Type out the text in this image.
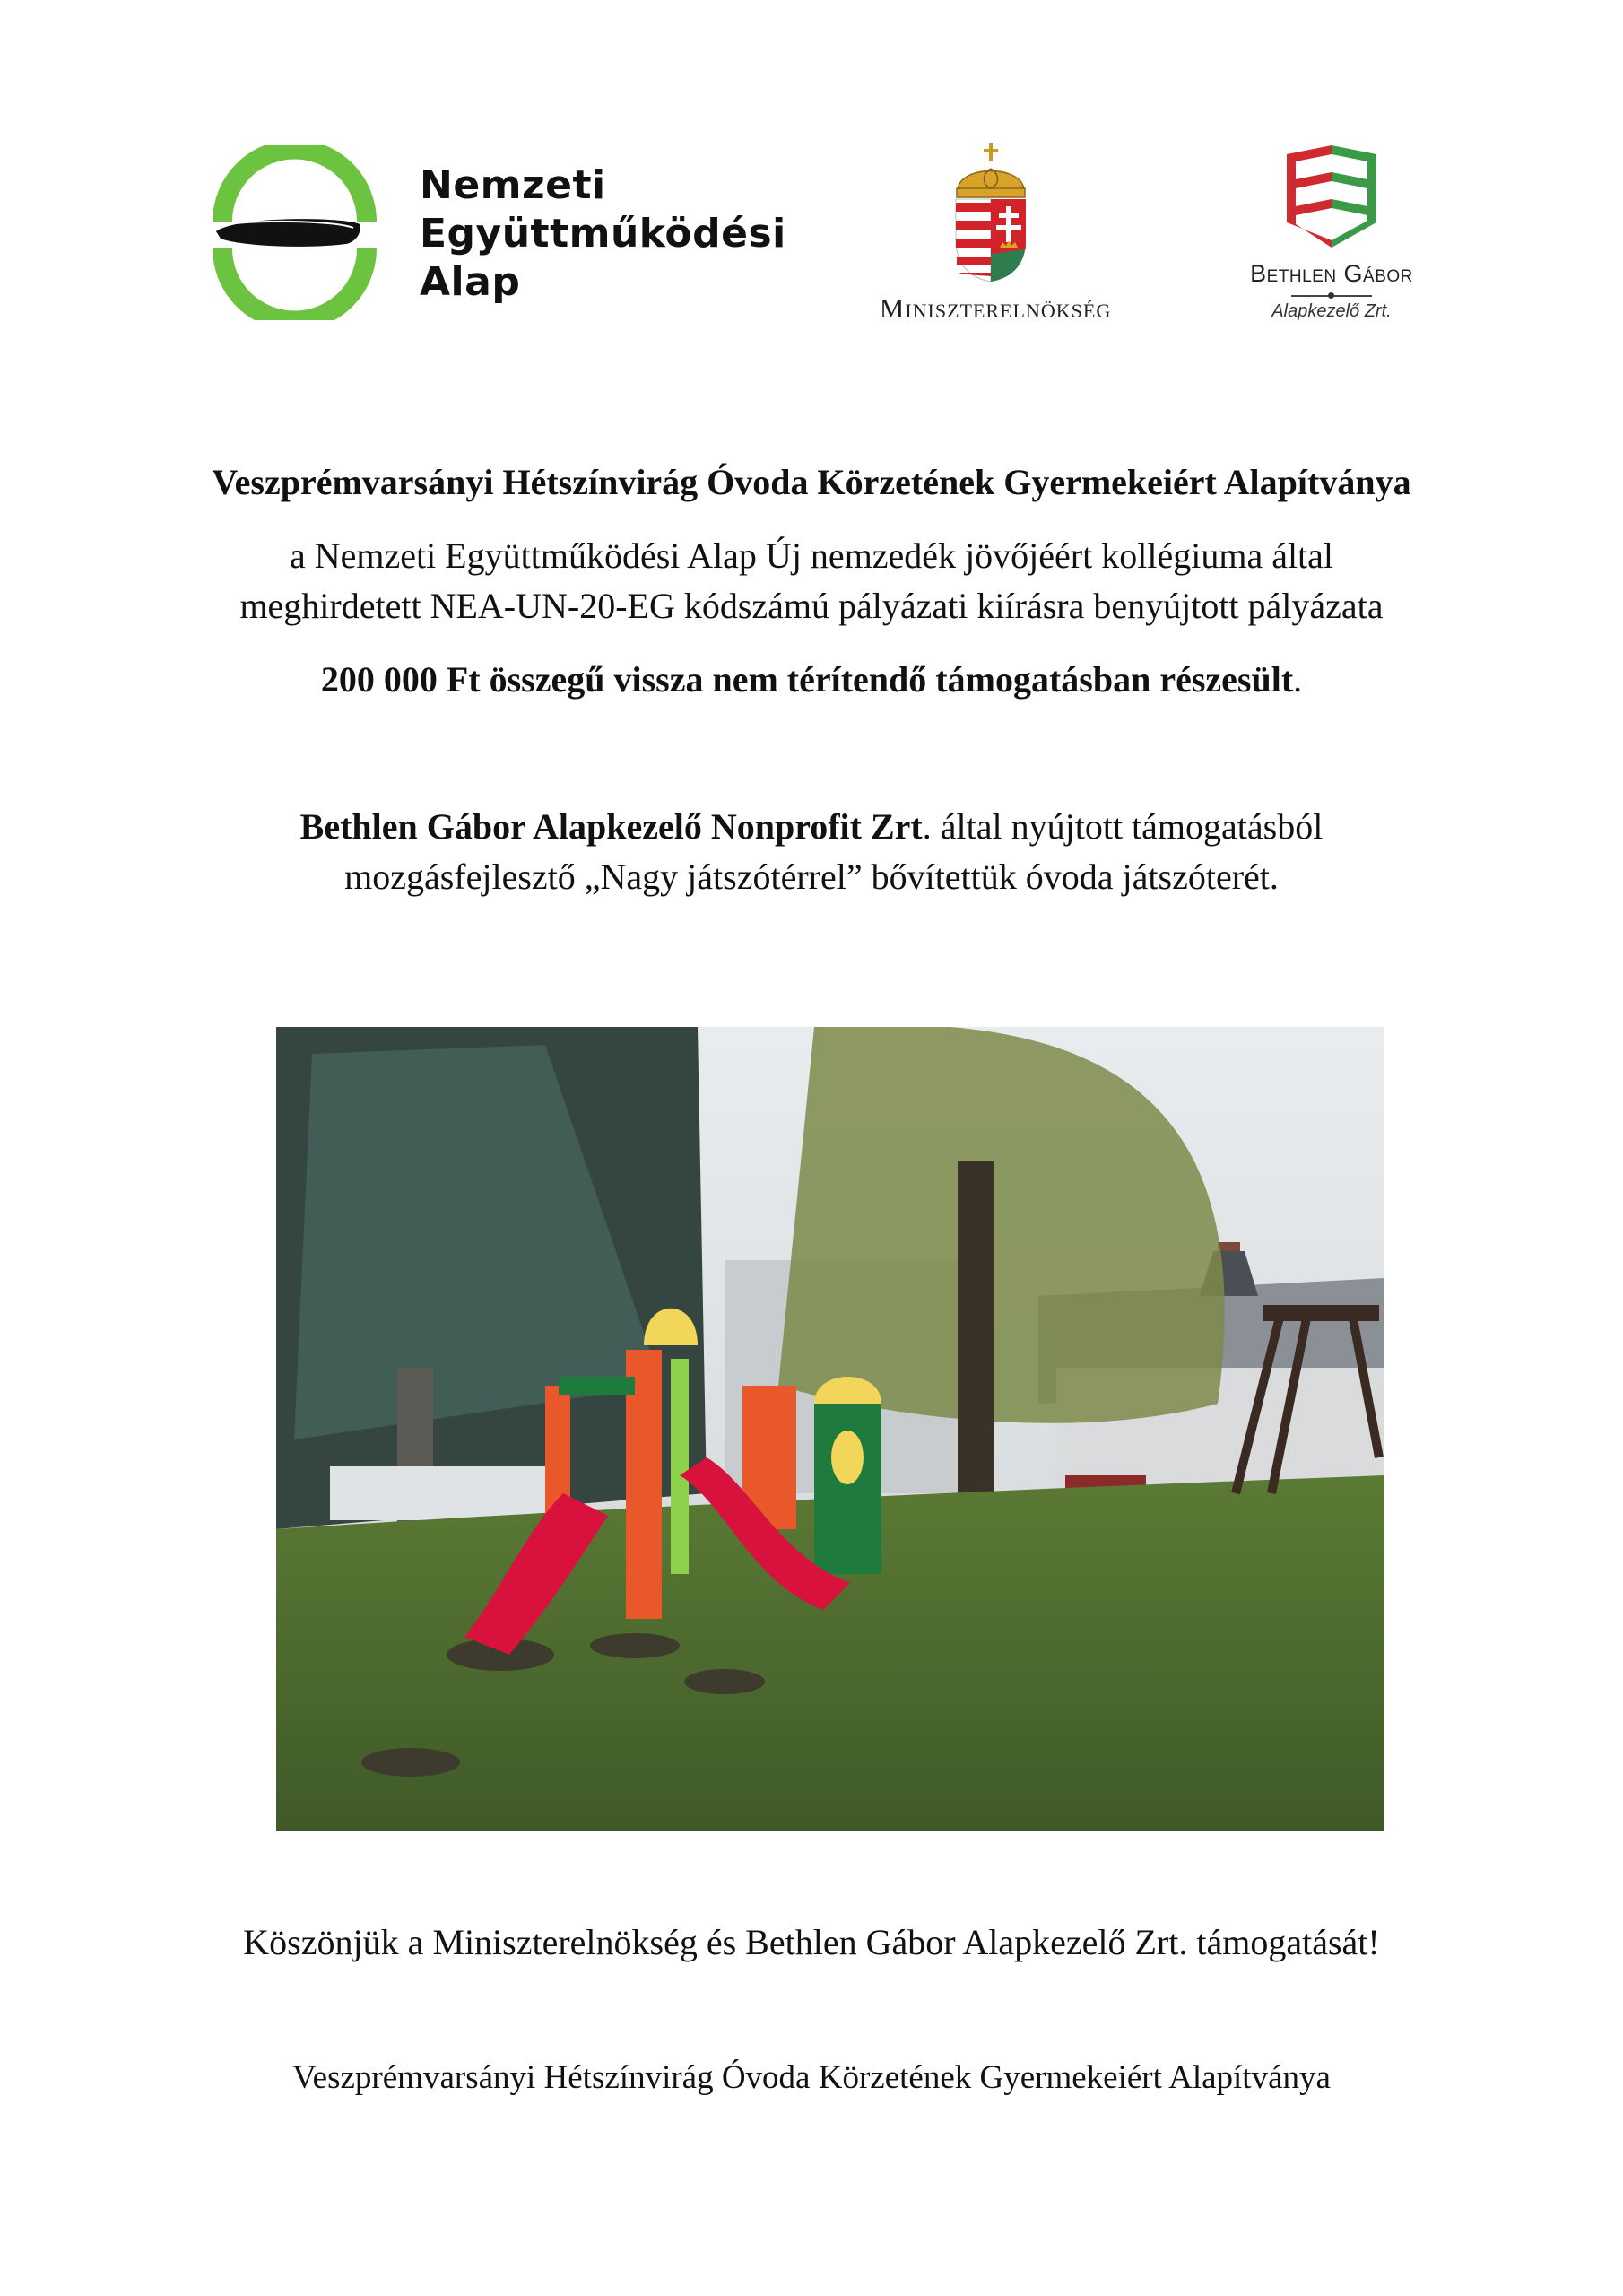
Nemzeti
Együttműködési
Alap
Miniszterelnökség
Bethlen Gábor
Alapkezelő Zrt.
Veszprémvarsányi Hétszínvirág Óvoda Körzetének Gyermekeiért Alapítványa
a Nemzeti Együttműködési Alap Új nemzedék jövőjéért kollégiuma által
meghirdetett NEA-UN-20-EG kódszámú pályázati kiírásra benyújtott pályázata
200 000 Ft összegű vissza nem térítendő támogatásban részesült.
Bethlen Gábor Alapkezelő Nonprofit Zrt. által nyújtott támogatásból
mozgásfejlesztő „Nagy játszótérrel” bővítettük óvoda játszóterét.
Köszönjük a Miniszterelnökség és Bethlen Gábor Alapkezelő Zrt. támogatását!
Veszprémvarsányi Hétszínvirág Óvoda Körzetének Gyermekeiért Alapítványa
